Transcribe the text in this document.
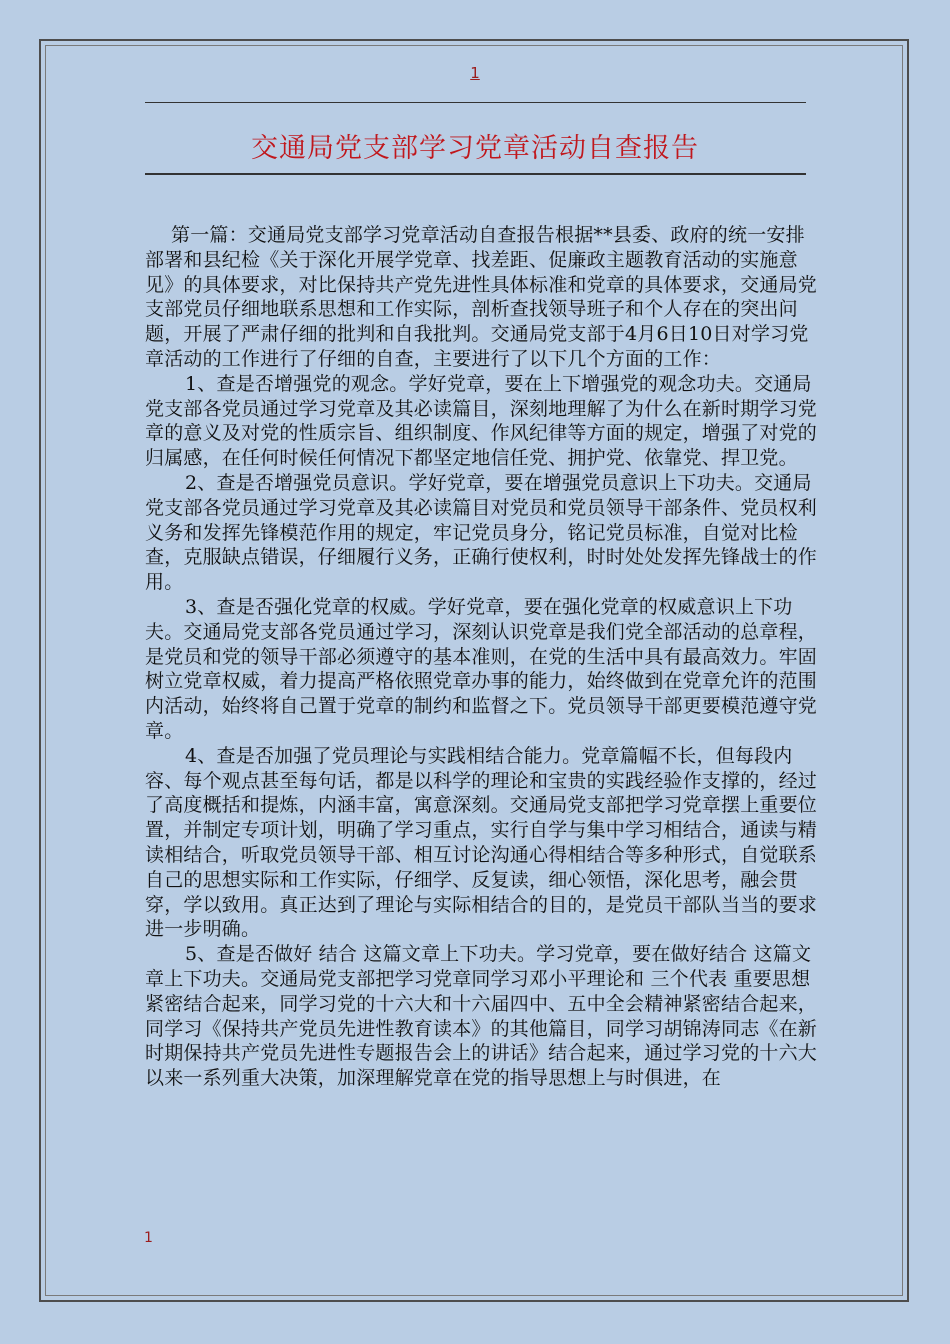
1
交通局党支部学习党章活动自查报告

第一篇：交通局党支部学习党章活动自查报告根据**县委、政府的统一安排部署和县纪检《关于深化开展学党章、找差距、促廉政主题教育活动的实施意见》的具体要求，对比保持共产党先进性具体标准和党章的具体要求，交通局党支部党员仔细地联系思想和工作实际，剖析查找领导班子和个人存在的突出问题，开展了严肃仔细的批判和自我批判。交通局党支部于4月6日10日对学习党章活动的工作进行了仔细的自查，主要进行了以下几个方面的工作：

1、查是否增强党的观念。学好党章，要在上下增强党的观念功夫。交通局党支部各党员通过学习党章及其必读篇目，深刻地理解了为什么在新时期学习党章的意义及对党的性质宗旨、组织制度、作风纪律等方面的规定，增强了对党的归属感，在任何时候任何情况下都坚定地信任党、拥护党、依靠党、捍卫党。

2、查是否增强党员意识。学好党章，要在增强党员意识上下功夫。交通局党支部各党员通过学习党章及其必读篇目对党员和党员领导干部条件、党员权利义务和发挥先锋模范作用的规定，牢记党员身分，铭记党员标准，自觉对比检查，克服缺点错误，仔细履行义务，正确行使权利，时时处处发挥先锋战士的作用。

3、查是否强化党章的权威。学好党章，要在强化党章的权威意识上下功夫。交通局党支部各党员通过学习，深刻认识党章是我们党全部活动的总章程，是党员和党的领导干部必须遵守的基本准则，在党的生活中具有最高效力。牢固树立党章权威，着力提高严格依照党章办事的能力，始终做到在党章允许的范围内活动，始终将自己置于党章的制约和监督之下。党员领导干部更要模范遵守党章。

4、查是否加强了党员理论与实践相结合能力。党章篇幅不长，但每段内容、每个观点甚至每句话，都是以科学的理论和宝贵的实践经验作支撑的，经过了高度概括和提炼，内涵丰富，寓意深刻。交通局党支部把学习党章摆上重要位置，并制定专项计划，明确了学习重点，实行自学与集中学习相结合，通读与精读相结合，听取党员领导干部、相互讨论沟通心得相结合等多种形式，自觉联系自己的思想实际和工作实际，仔细学、反复读，细心领悟，深化思考，融会贯穿，学以致用。真正达到了理论与实际相结合的目的，是党员干部队当当的要求进一步明确。

5、查是否做好 结合 这篇文章上下功夫。学习党章，要在做好结合 这篇文章上下功夫。交通局党支部把学习党章同学习邓小平理论和 三个代表 重要思想紧密结合起来，同学习党的十六大和十六届四中、五中全会精神紧密结合起来，同学习《保持共产党员先进性教育读本》的其他篇目，同学习胡锦涛同志《在新时期保持共产党员先进性专题报告会上的讲话》结合起来，通过学习党的十六大以来一系列重大决策，加深理解党章在党的指导思想上与时俱进，在

1
